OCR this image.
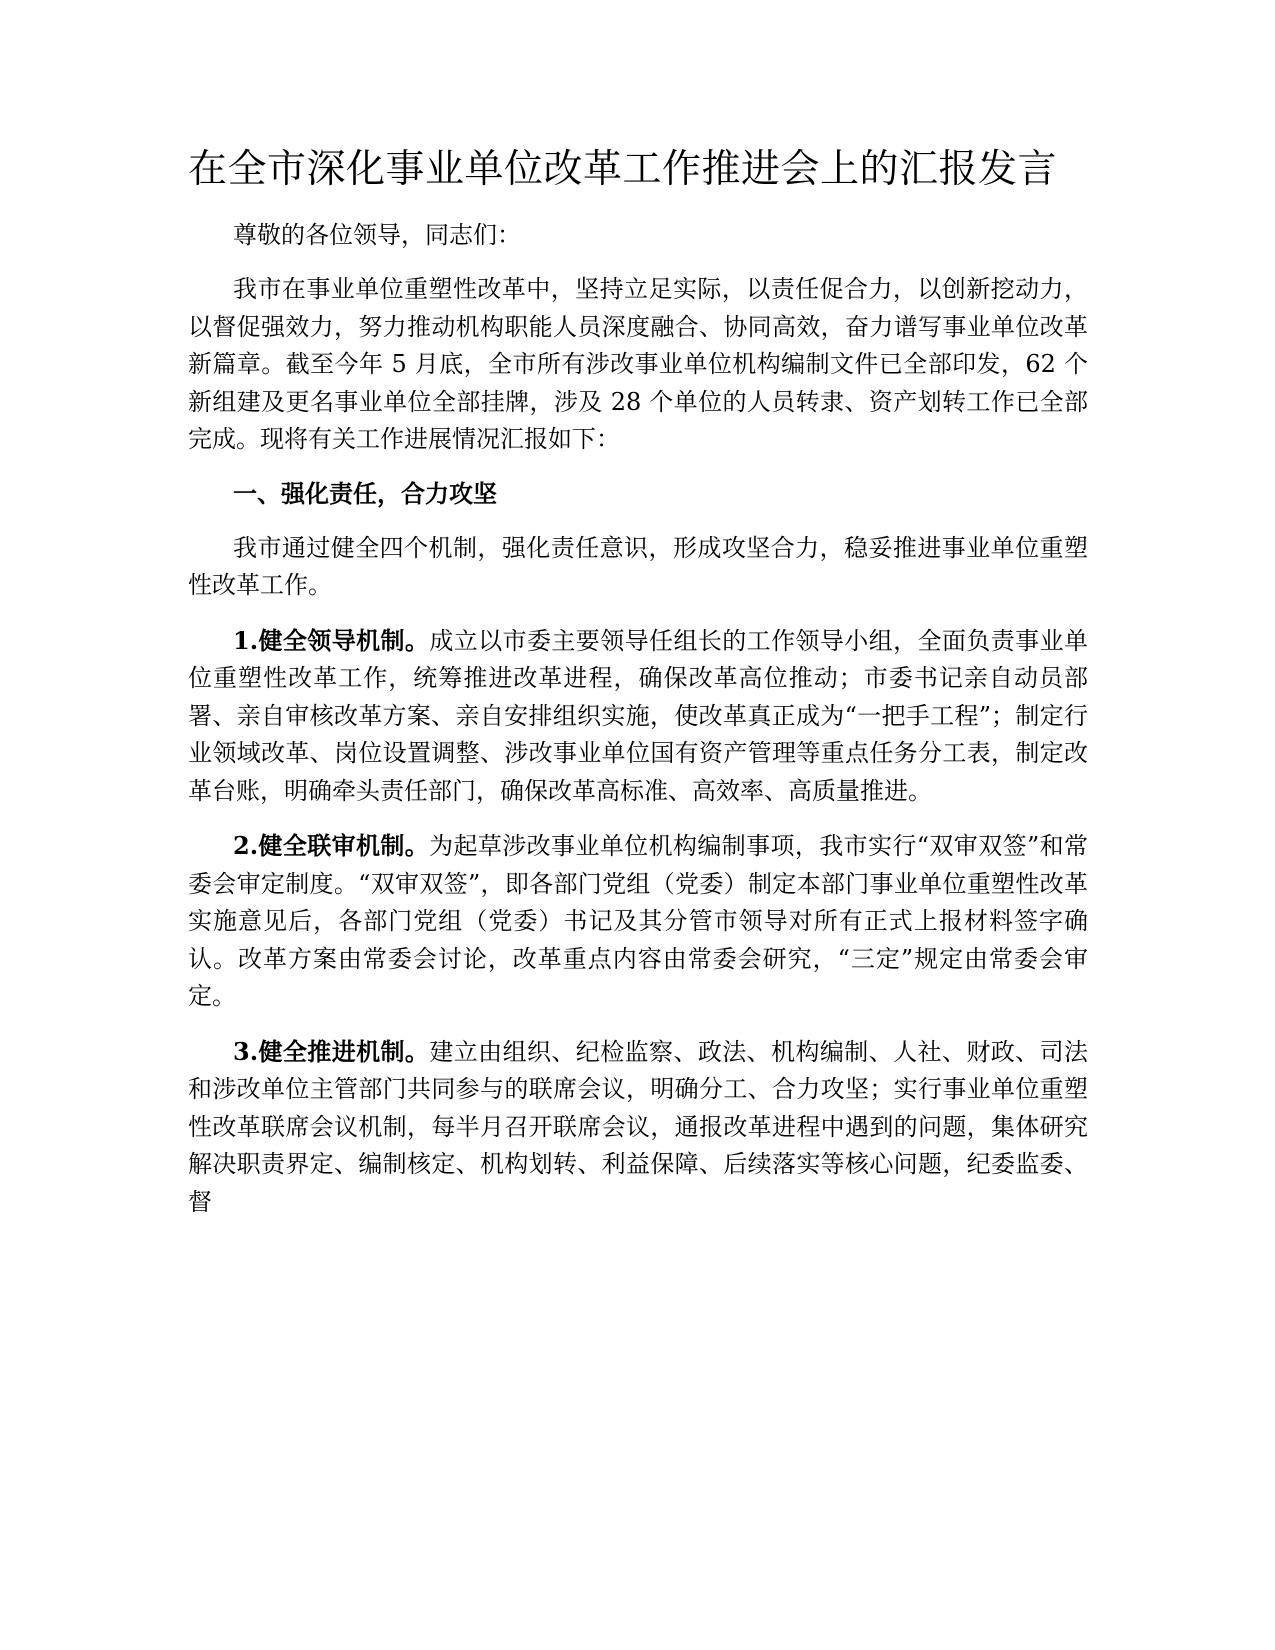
在全市深化事业单位改革工作推进会上的汇报发言

尊敬的各位领导，同志们：

我市在事业单位重塑性改革中，坚持立足实际，以责任促合力，以创新挖动力，以督促强效力，努力推动机构职能人员深度融合、协同高效，奋力谱写事业单位改革新篇章。截至今年 5 月底，全市所有涉改事业单位机构编制文件已全部印发，62 个新组建及更名事业单位全部挂牌，涉及 28 个单位的人员转隶、资产划转工作已全部完成。现将有关工作进展情况汇报如下：

一、强化责任，合力攻坚

我市通过健全四个机制，强化责任意识，形成攻坚合力，稳妥推进事业单位重塑性改革工作。

1.健全领导机制。成立以市委主要领导任组长的工作领导小组，全面负责事业单位重塑性改革工作，统筹推进改革进程，确保改革高位推动；市委书记亲自动员部署、亲自审核改革方案、亲自安排组织实施，使改革真正成为“一把手工程”；制定行业领域改革、岗位设置调整、涉改事业单位国有资产管理等重点任务分工表，制定改革台账，明确牵头责任部门，确保改革高标准、高效率、高质量推进。

2.健全联审机制。为起草涉改事业单位机构编制事项，我市实行“双审双签”和常委会审定制度。“双审双签”，即各部门党组（党委）制定本部门事业单位重塑性改革实施意见后，各部门党组（党委）书记及其分管市领导对所有正式上报材料签字确认。改革方案由常委会讨论，改革重点内容由常委会研究，“三定”规定由常委会审定。

3.健全推进机制。建立由组织、纪检监察、政法、机构编制、人社、财政、司法和涉改单位主管部门共同参与的联席会议，明确分工、合力攻坚；实行事业单位重塑性改革联席会议机制，每半月召开联席会议，通报改革进程中遇到的问题，集体研究解决职责界定、编制核定、机构划转、利益保障、后续落实等核心问题，纪委监委、督
